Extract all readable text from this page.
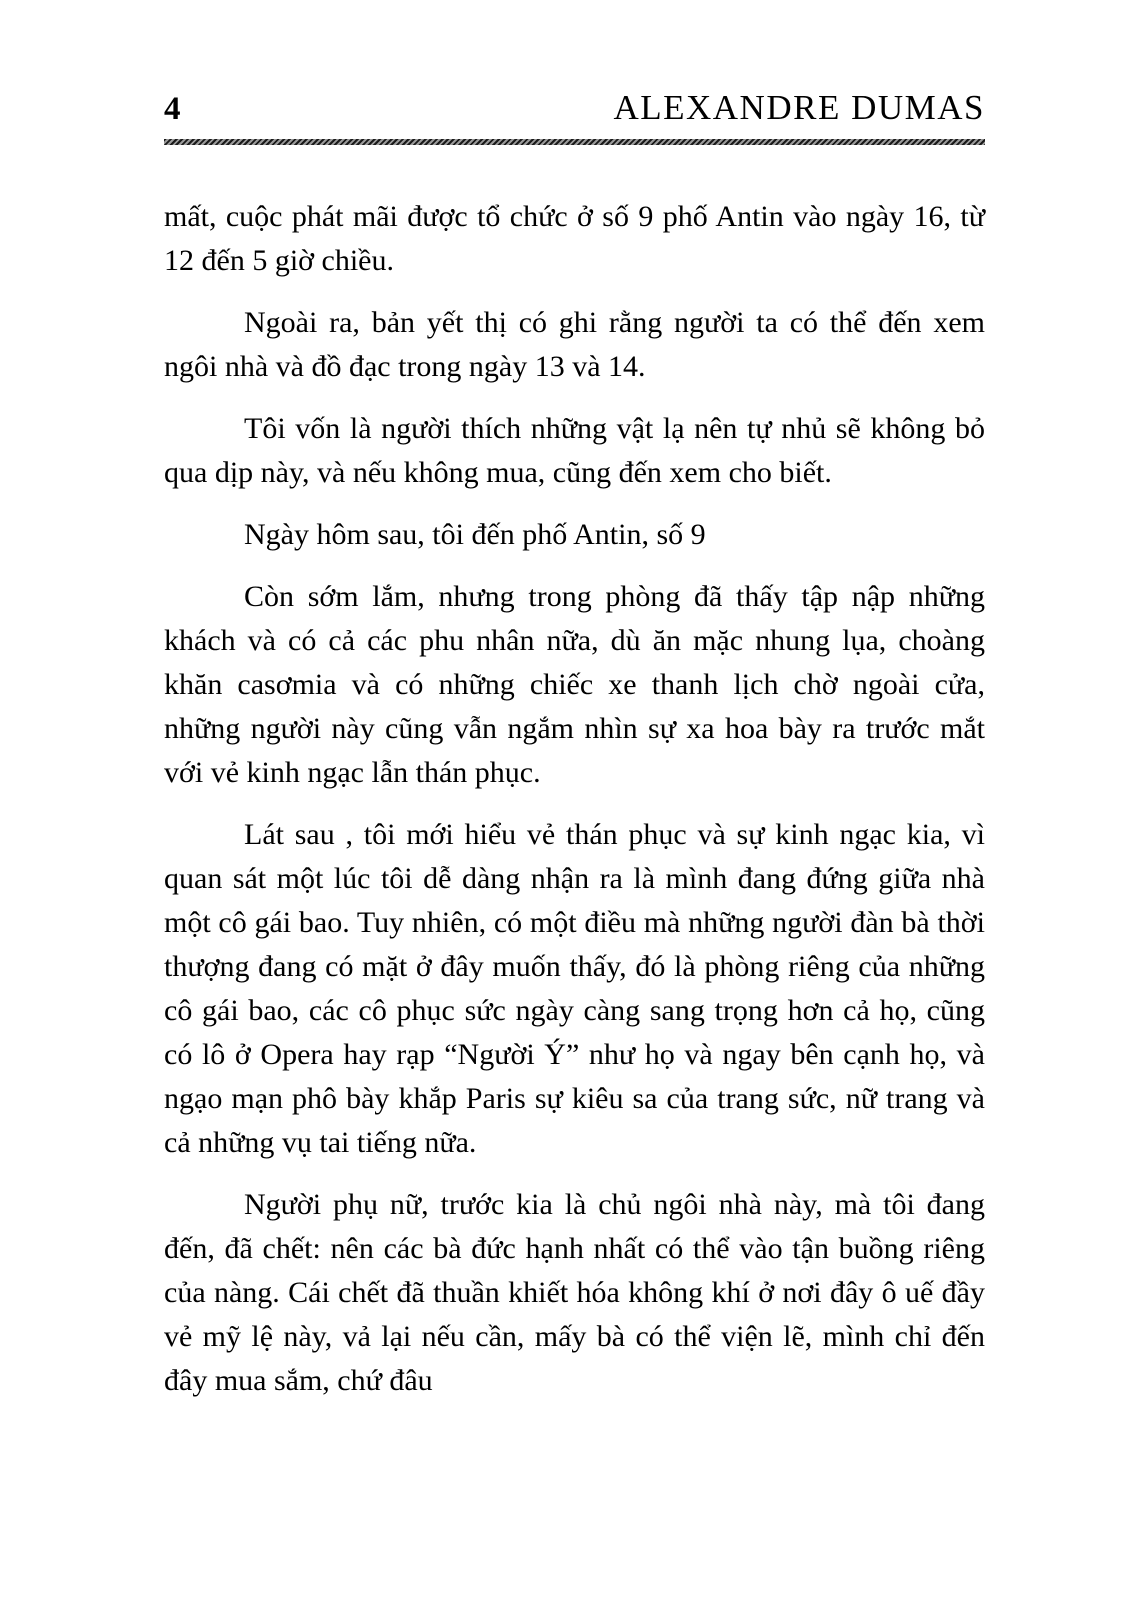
4	ALEXANDRE DUMAS

mất, cuộc phát mãi được tổ chức ở số 9 phố Antin vào ngày 16, từ 12 đến 5 giờ chiều.

Ngoài ra, bản yết thị có ghi rằng người ta có thể đến xem ngôi nhà và đồ đạc trong ngày 13 và 14.

Tôi vốn là người thích những vật lạ nên tự nhủ sẽ không bỏ qua dịp này, và nếu không mua, cũng đến xem cho biết.

Ngày hôm sau, tôi đến phố Antin, số 9

Còn sớm lắm, nhưng trong phòng đã thấy tập nập những khách và có cả các phu nhân nữa, dù ăn mặc nhung lụa, choàng khăn casơmia và có những chiếc xe thanh lịch chờ ngoài cửa, những người này cũng vẫn ngắm nhìn sự xa hoa bày ra trước mắt với vẻ kinh ngạc lẫn thán phục.

Lát sau , tôi mới hiểu vẻ thán phục và sự kinh ngạc kia, vì quan sát một lúc tôi dễ dàng nhận ra là mình đang đứng giữa nhà một cô gái bao. Tuy nhiên, có một điều mà những người đàn bà thời thượng đang có mặt ở đây muốn thấy, đó là phòng riêng của những cô gái bao, các cô phục sức ngày càng sang trọng hơn cả họ, cũng có lô ở Opera hay rạp “Người Ý” như họ và ngay bên cạnh họ, và ngạo mạn phô bày khắp Paris sự kiêu sa của trang sức, nữ trang và cả những vụ tai tiếng nữa.

Người phụ nữ, trước kia là chủ ngôi nhà này, mà tôi đang đến, đã chết: nên các bà đức hạnh nhất có thể vào tận buồng riêng của nàng. Cái chết đã thuần khiết hóa không khí ở nơi đây ô uế đầy vẻ mỹ lệ này, vả lại nếu cần, mấy bà có thể viện lẽ, mình chỉ đến đây mua sắm, chứ đâu
